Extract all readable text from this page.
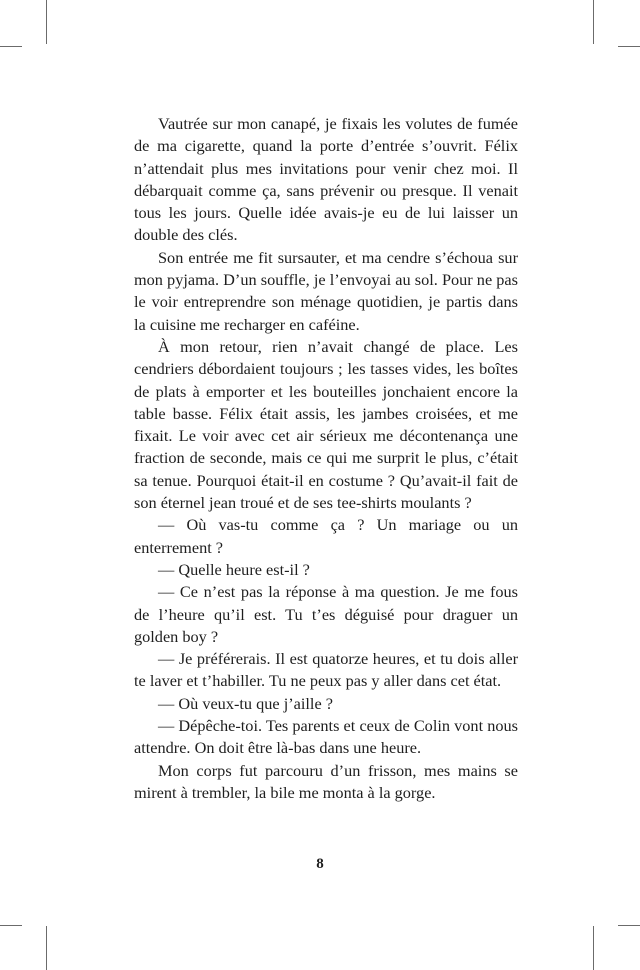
Vautrée sur mon canapé, je fixais les volutes de fumée de ma cigarette, quand la porte d’entrée s’ouvrit. Félix n’attendait plus mes invitations pour venir chez moi. Il débarquait comme ça, sans prévenir ou presque. Il venait tous les jours. Quelle idée avais-je eu de lui laisser un double des clés.

Son entrée me fit sursauter, et ma cendre s’échoua sur mon pyjama. D’un souffle, je l’envoyai au sol. Pour ne pas le voir entreprendre son ménage quotidien, je partis dans la cuisine me recharger en caféine.

À mon retour, rien n’avait changé de place. Les cendriers débordaient toujours ; les tasses vides, les boîtes de plats à emporter et les bouteilles jonchaient encore la table basse. Félix était assis, les jambes croisées, et me fixait. Le voir avec cet air sérieux me décontenança une fraction de seconde, mais ce qui me surprit le plus, c’était sa tenue. Pourquoi était-il en costume ? Qu’avait-il fait de son éternel jean troué et de ses tee-shirts moulants ?

— Où vas-tu comme ça ? Un mariage ou un enterrement ?

— Quelle heure est-il ?

— Ce n’est pas la réponse à ma question. Je me fous de l’heure qu’il est. Tu t’es déguisé pour draguer un golden boy ?

— Je préférerais. Il est quatorze heures, et tu dois aller te laver et t’habiller. Tu ne peux pas y aller dans cet état.

— Où veux-tu que j’aille ?

— Dépêche-toi. Tes parents et ceux de Colin vont nous attendre. On doit être là-bas dans une heure.

Mon corps fut parcouru d’un frisson, mes mains se mirent à trembler, la bile me monta à la gorge.

8
